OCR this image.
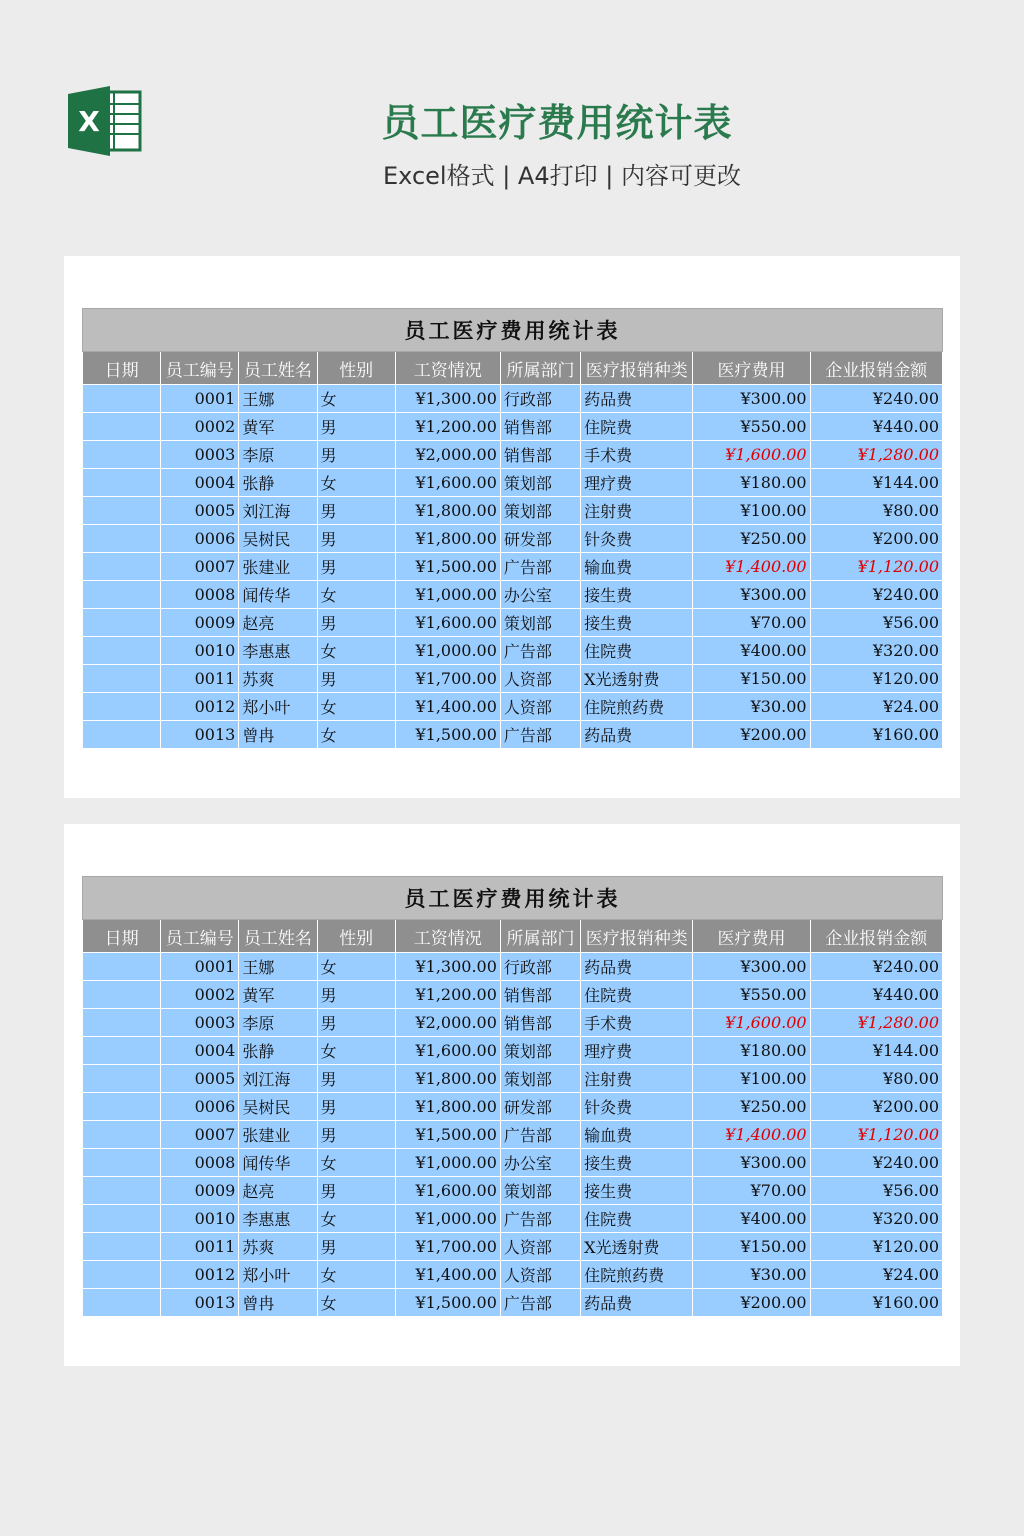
X	员工医疗费用统计表
Excel格式 | A4打印 | 内容可更改
员工医疗费用统计表								
日期	员工编号	员工姓名	性别	工资情况	所属部门	医疗报销种类	医疗费用	企业报销金额
	0001	王娜	女	¥1,300.00	行政部	药品费	¥300.00	¥240.00
	0002	黄军	男	¥1,200.00	销售部	住院费	¥550.00	¥440.00
	0003	李原	男	¥2,000.00	销售部	手术费	¥1,600.00	¥1,280.00
	0004	张静	女	¥1,600.00	策划部	理疗费	¥180.00	¥144.00
	0005	刘江海	男	¥1,800.00	策划部	注射费	¥100.00	¥80.00
	0006	吴树民	男	¥1,800.00	研发部	针灸费	¥250.00	¥200.00
	0007	张建业	男	¥1,500.00	广告部	输血费	¥1,400.00	¥1,120.00
	0008	闻传华	女	¥1,000.00	办公室	接生费	¥300.00	¥240.00
	0009	赵亮	男	¥1,600.00	策划部	接生费	¥70.00	¥56.00
	0010	李惠惠	女	¥1,000.00	广告部	住院费	¥400.00	¥320.00
	0011	苏爽	男	¥1,700.00	人资部	X光透射费	¥150.00	¥120.00
	0012	郑小叶	女	¥1,400.00	人资部	住院煎药费	¥30.00	¥24.00
	0013	曾冉	女	¥1,500.00	广告部	药品费	¥200.00	¥160.00
员工医疗费用统计表								
日期	员工编号	员工姓名	性别	工资情况	所属部门	医疗报销种类	医疗费用	企业报销金额
	0001	王娜	女	¥1,300.00	行政部	药品费	¥300.00	¥240.00
	0002	黄军	男	¥1,200.00	销售部	住院费	¥550.00	¥440.00
	0003	李原	男	¥2,000.00	销售部	手术费	¥1,600.00	¥1,280.00
	0004	张静	女	¥1,600.00	策划部	理疗费	¥180.00	¥144.00
	0005	刘江海	男	¥1,800.00	策划部	注射费	¥100.00	¥80.00
	0006	吴树民	男	¥1,800.00	研发部	针灸费	¥250.00	¥200.00
	0007	张建业	男	¥1,500.00	广告部	输血费	¥1,400.00	¥1,120.00
	0008	闻传华	女	¥1,000.00	办公室	接生费	¥300.00	¥240.00
	0009	赵亮	男	¥1,600.00	策划部	接生费	¥70.00	¥56.00
	0010	李惠惠	女	¥1,000.00	广告部	住院费	¥400.00	¥320.00
	0011	苏爽	男	¥1,700.00	人资部	X光透射费	¥150.00	¥120.00
	0012	郑小叶	女	¥1,400.00	人资部	住院煎药费	¥30.00	¥24.00
	0013	曾冉	女	¥1,500.00	广告部	药品费	¥200.00	¥160.00
